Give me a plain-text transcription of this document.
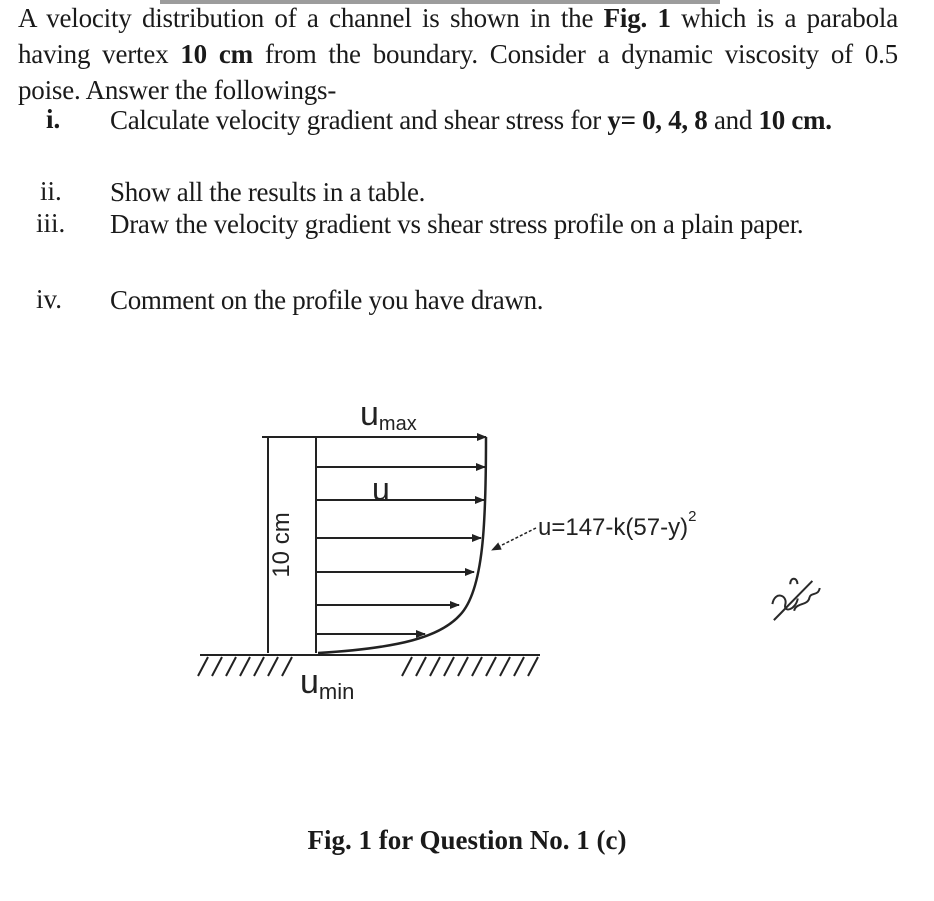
A velocity distribution of a channel is shown in the Fig. 1 which is a parabola having vertex 10 cm from the boundary. Consider a dynamic viscosity of 0.5 poise. Answer the followings-
i. Calculate velocity gradient and shear stress for y= 0, 4, 8 and 10 cm.
ii. Show all the results in a table.
iii. Draw the velocity gradient vs shear stress profile on a plain paper.
iv. Comment on the profile you have drawn.
10 cm
umax
u
umin
$u=147-k(57-y)^2$
Fig. 1 for Question No. 1 (c)
